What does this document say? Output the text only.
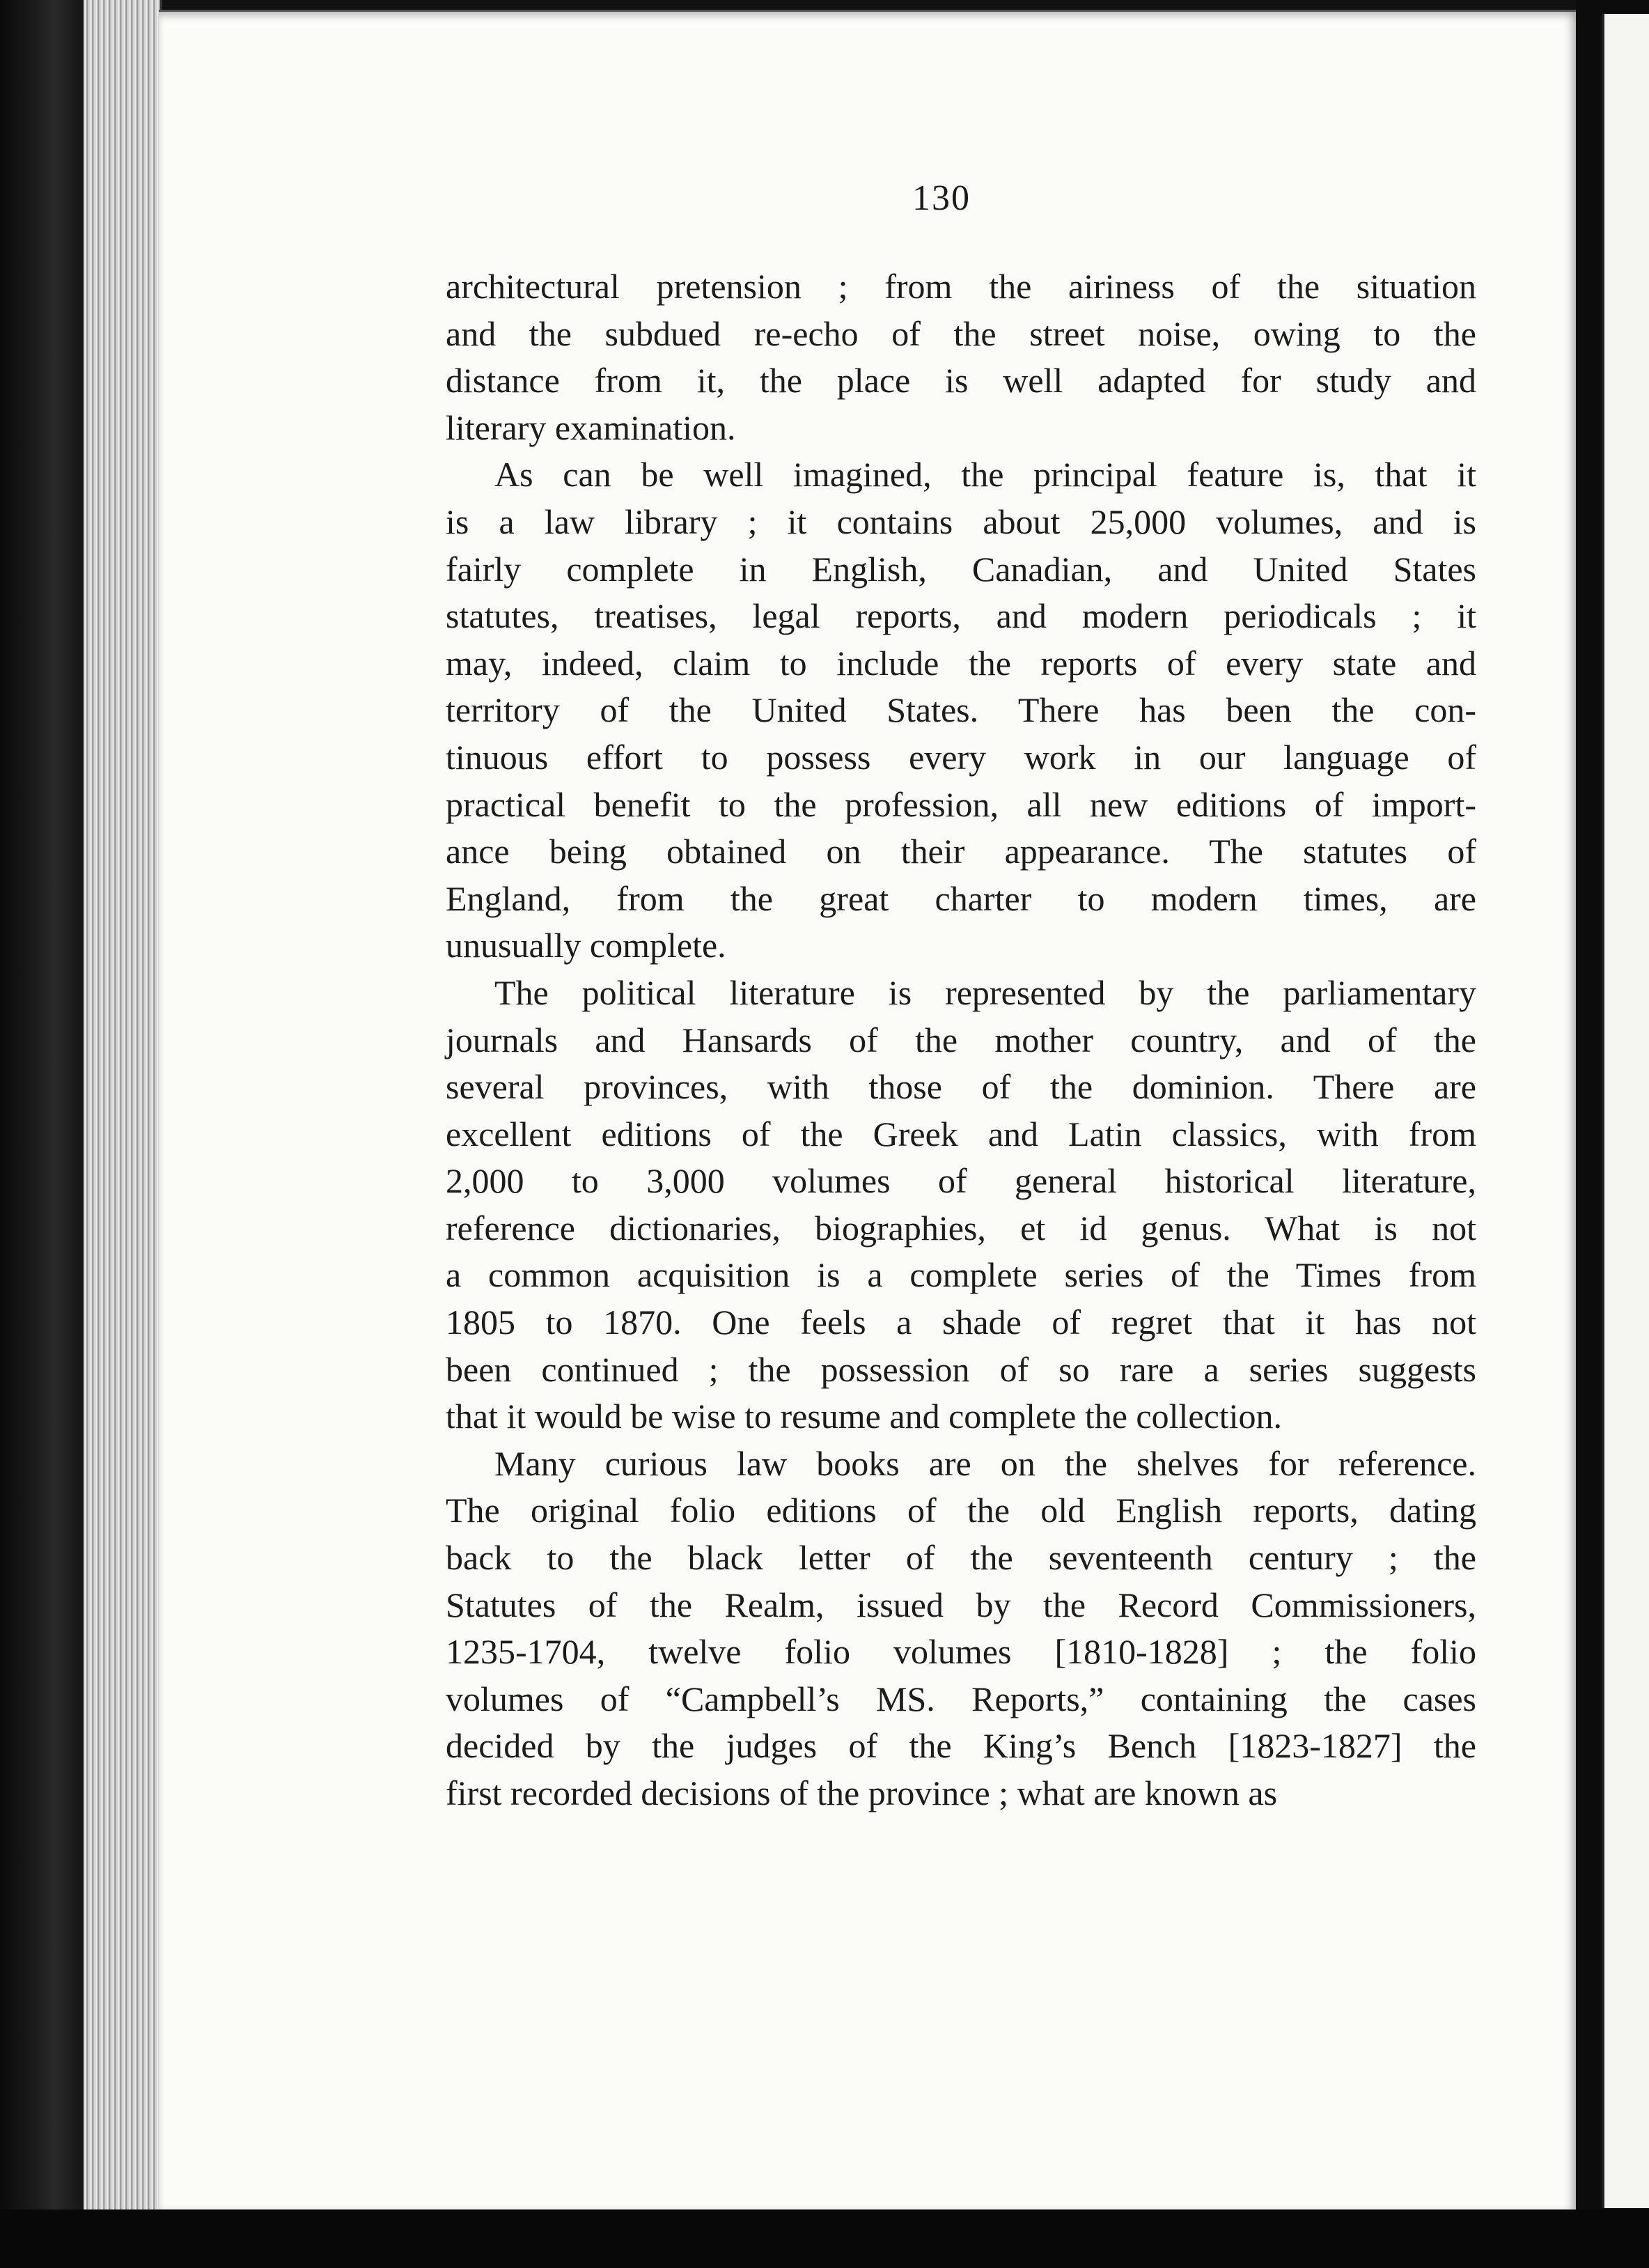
130
architectural pretension ; from the airiness of the situation
and the subdued re-echo of the street noise, owing to the
distance from it, the place is well adapted for study and
literary examination.
As can be well imagined, the principal feature is, that it
is a law library ; it contains about 25,000 volumes, and is
fairly complete in English, Canadian, and United States
statutes, treatises, legal reports, and modern periodicals ; it
may, indeed, claim to include the reports of every state and
territory of the United States. There has been the con-
tinuous effort to possess every work in our language of
practical benefit to the profession, all new editions of import-
ance being obtained on their appearance. The statutes of
England, from the great charter to modern times, are
unusually complete.
The political literature is represented by the parliamentary
journals and Hansards of the mother country, and of the
several provinces, with those of the dominion. There are
excellent editions of the Greek and Latin classics, with from
2,000 to 3,000 volumes of general historical literature,
reference dictionaries, biographies, et id genus. What is not
a common acquisition is a complete series of the Times from
1805 to 1870. One feels a shade of regret that it has not
been continued ; the possession of so rare a series suggests
that it would be wise to resume and complete the collection.
Many curious law books are on the shelves for reference.
The original folio editions of the old English reports, dating
back to the black letter of the seventeenth century ; the
Statutes of the Realm, issued by the Record Commissioners,
1235-1704, twelve folio volumes [1810-1828] ; the folio
volumes of “Campbell’s MS. Reports,” containing the cases
decided by the judges of the King’s Bench [1823-1827] the
first recorded decisions of the province ; what are known as
